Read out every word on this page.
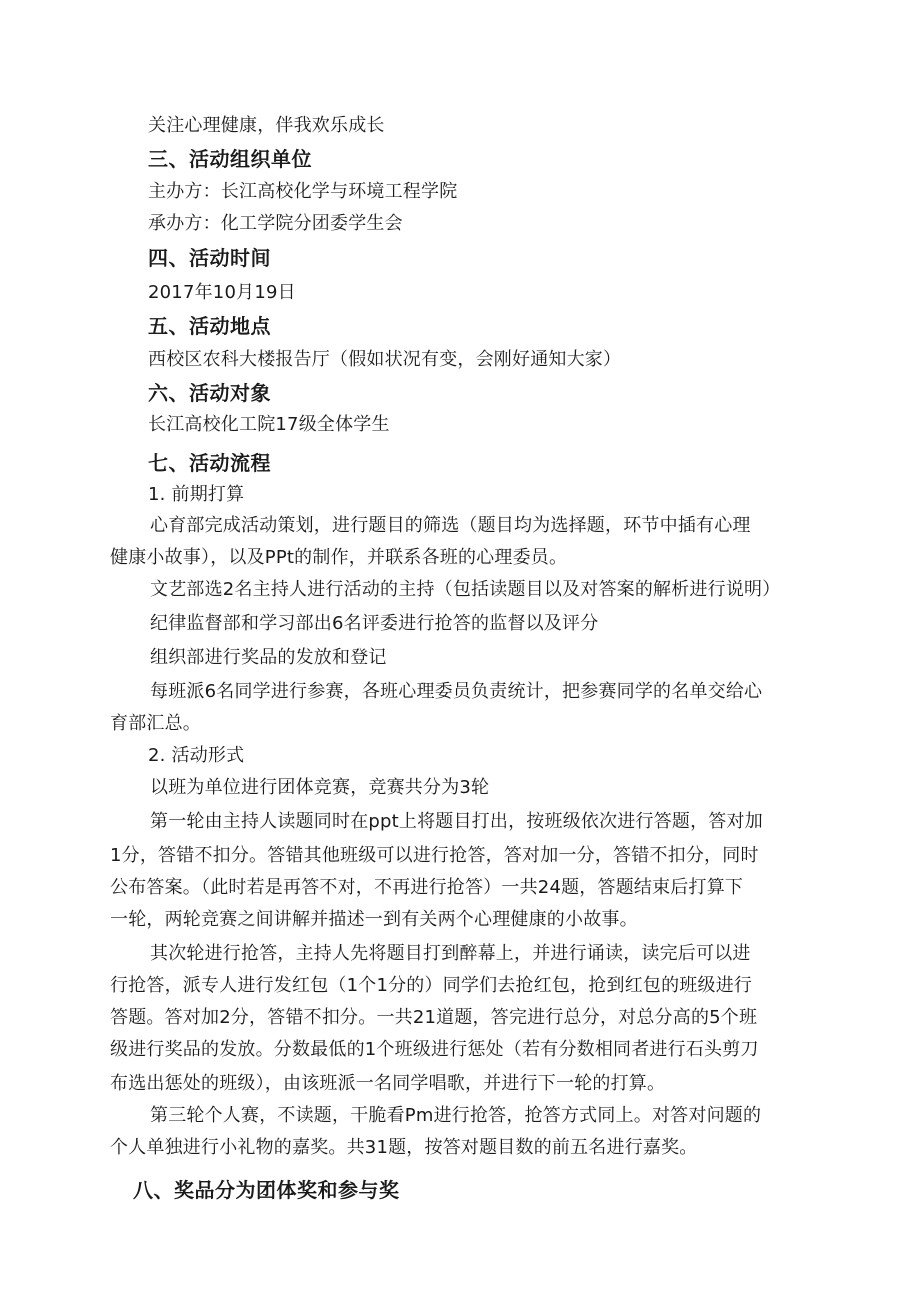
关注心理健康，伴我欢乐成长
三、活动组织单位
主办方：长江高校化学与环境工程学院
承办方：化工学院分团委学生会
四、活动时间
2017年10月19日
五、活动地点
西校区农科大楼报告厅（假如状况有变，会刚好通知大家）
六、活动对象
长江高校化工院17级全体学生
七、活动流程
1. 前期打算
心育部完成活动策划，进行题目的筛选（题目均为选择题，环节中插有心理
健康小故事），以及PPt的制作，并联系各班的心理委员。
文艺部选2名主持人进行活动的主持（包括读题目以及对答案的解析进行说明）
纪律监督部和学习部出6名评委进行抢答的监督以及评分
组织部进行奖品的发放和登记
每班派6名同学进行参赛，各班心理委员负责统计，把参赛同学的名单交给心
育部汇总。
2. 活动形式
以班为单位进行团体竞赛，竞赛共分为3轮
第一轮由主持人读题同时在ppt上将题目打出，按班级依次进行答题，答对加
1分，答错不扣分。答错其他班级可以进行抢答，答对加一分，答错不扣分，同时
公布答案。（此时若是再答不对，不再进行抢答）一共24题，答题结束后打算下
一轮，两轮竞赛之间讲解并描述一到有关两个心理健康的小故事。
其次轮进行抢答，主持人先将题目打到醉幕上，并进行诵读，读完后可以进
行抢答，派专人进行发红包（1个1分的）同学们去抢红包，抢到红包的班级进行
答题。答对加2分，答错不扣分。一共21道题，答完进行总分，对总分高的5个班
级进行奖品的发放。分数最低的1个班级进行惩处（若有分数相同者进行石头剪刀
布选出惩处的班级），由该班派一名同学唱歌，并进行下一轮的打算。
第三轮个人赛，不读题，干脆看Pm进行抢答，抢答方式同上。对答对问题的
个人单独进行小礼物的嘉奖。共31题，按答对题目数的前五名进行嘉奖。
八、奖品分为团体奖和参与奖
